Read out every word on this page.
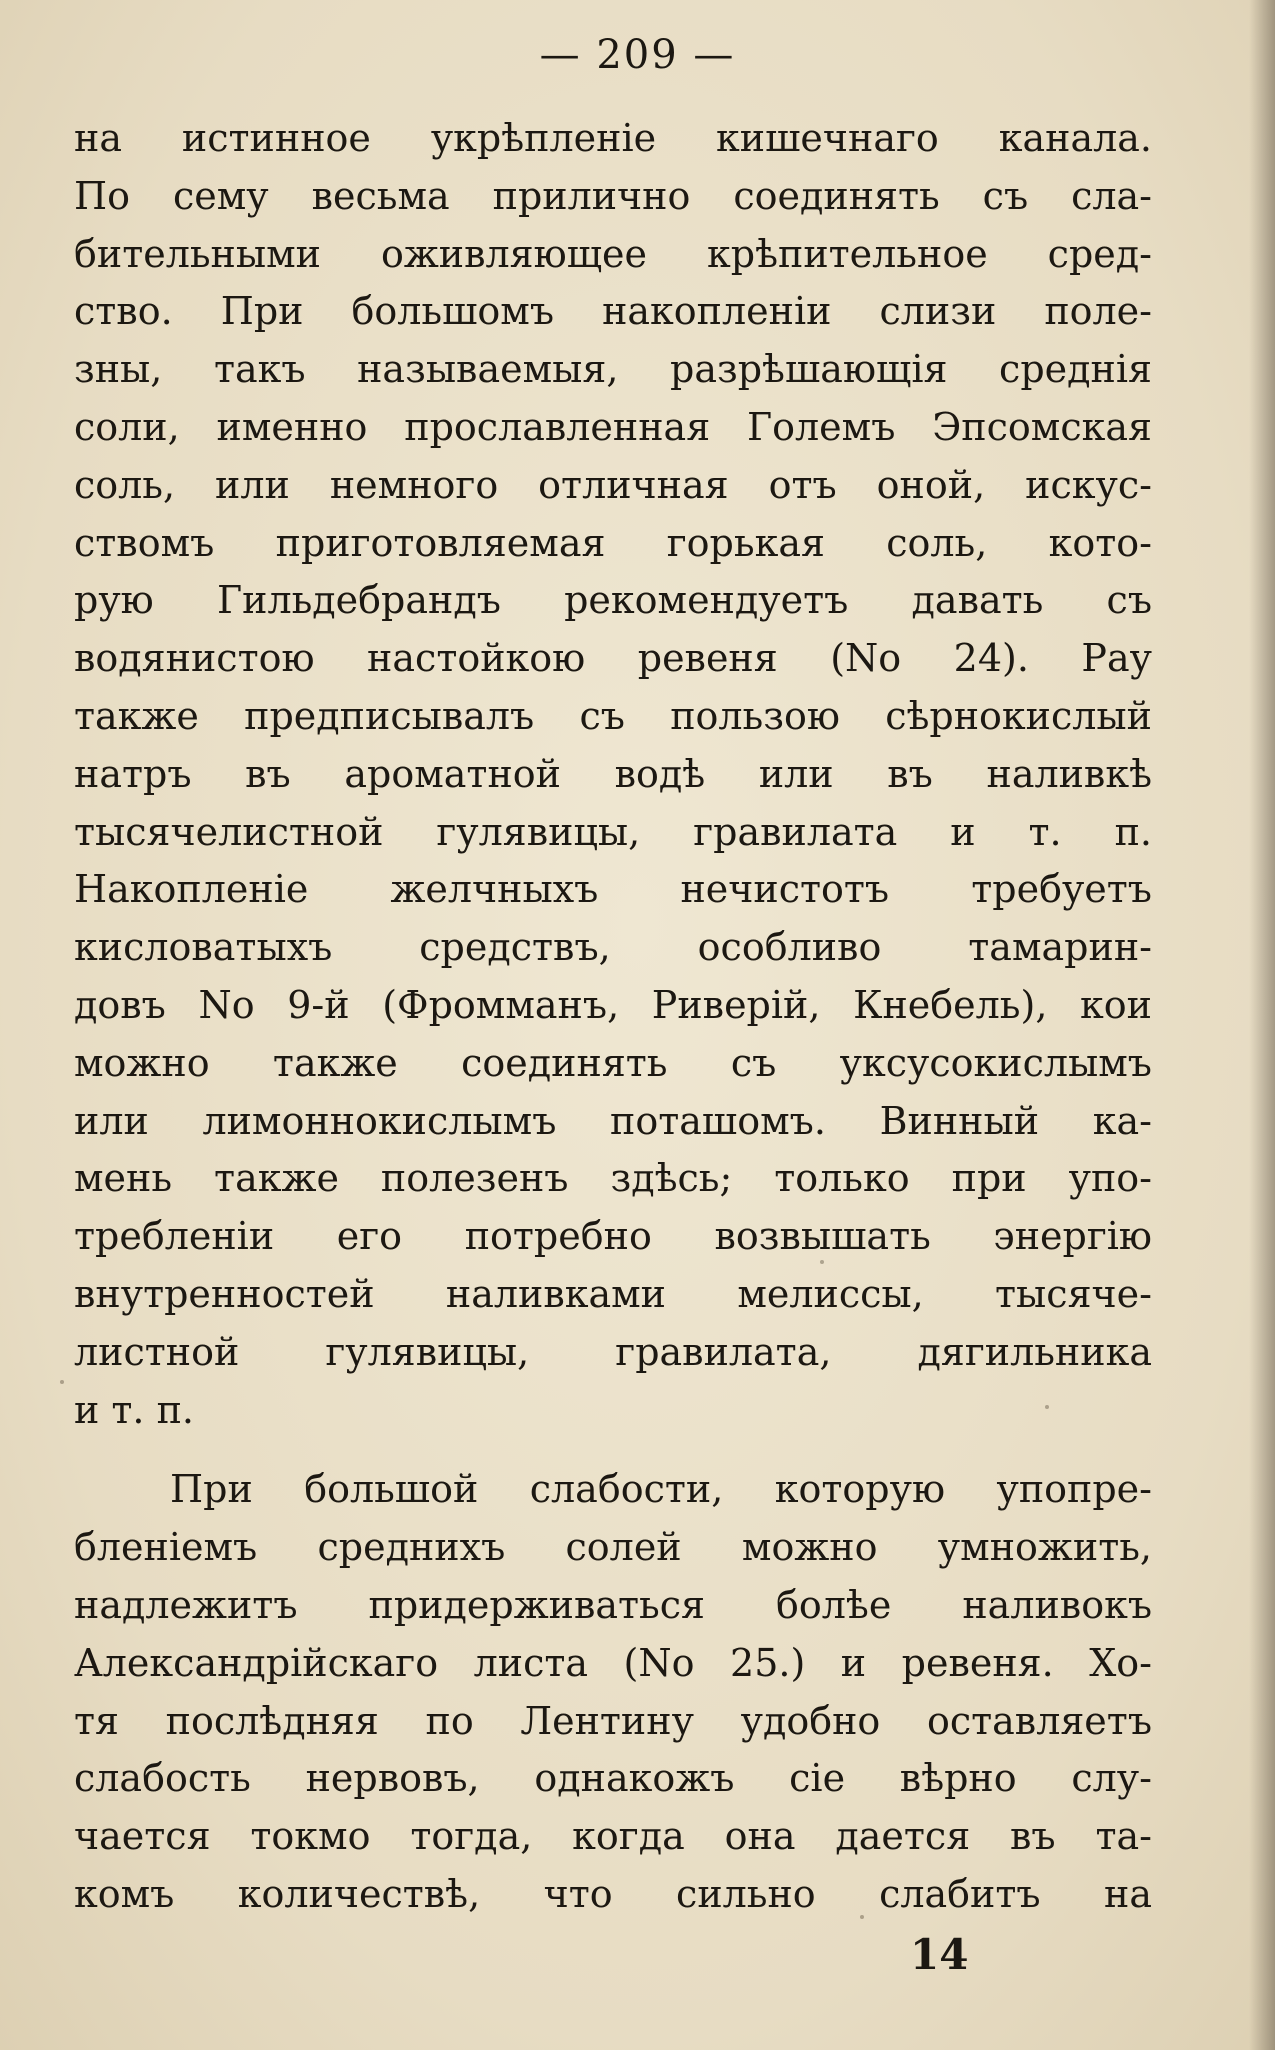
— 209 —
на истинное укрѣпленіе кишечнаго канала.
По сему весьма прилично соединять съ сла-
бительными оживляющее крѣпительное сред-
ство. При большомъ накопленіи слизи поле-
зны, такъ называемыя, разрѣшающія среднія
соли, именно прославленная Големъ Эпсомская
соль, или немного отличная отъ оной, искус-
ствомъ приготовляемая горькая соль, кото-
рую Гильдебрандъ рекомендуетъ давать съ
водянистою настойкою ревеня (No 24). Рау
также предписывалъ съ пользою сѣрнокислый
натръ въ ароматной водѣ или въ наливкѣ
тысячелистной гулявицы, гравилата и т. п.
Накопленіе желчныхъ нечистотъ требуетъ
кисловатыхъ средствъ, особливо тамарин-
довъ No 9-й (Фромманъ, Риверій, Кнебель), кои
можно также соединять съ уксусокислымъ
или лимоннокислымъ поташомъ. Винный ка-
мень также полезенъ здѣсь; только при упо-
требленіи его потребно возвышать энергію
внутренностей наливками мелиссы, тысяче-
листной гулявицы, гравилата, дягильника
и т. п.
При большой слабости, которую упопре-
бленіемъ среднихъ солей можно умножить,
надлежитъ придерживаться болѣе наливокъ
Александрійскаго листа (No 25.) и ревеня. Хо-
тя послѣдняя по Лентину удобно оставляетъ
слабость нервовъ, однакожъ сіе вѣрно слу-
чается токмо тогда, когда она дается въ та-
комъ количествѣ, что сильно слабитъ на
14
